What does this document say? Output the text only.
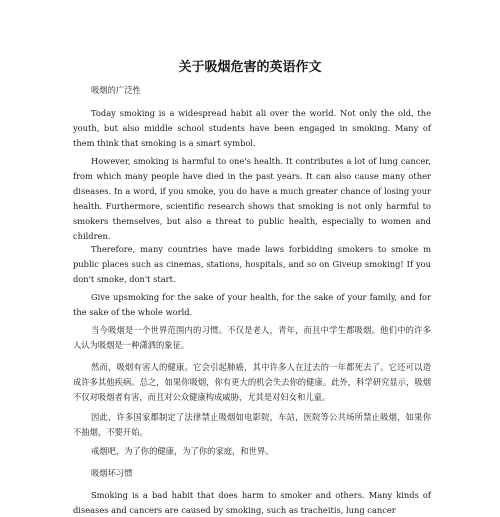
关于吸烟危害的英语作文

吸烟的广泛性

Today smoking is a widespread habit ali over the world. Not only the old, the youth, but also middle school students have been engaged in smoking. Many of them think that smoking is a smart symbol.

However, smoking is harmful to one's health. It contributes a lot of lung cancer, from which many people have died in the past years. It can also cause many other diseases. In a word, if you smoke, you do have a much greater chance of losing your health. Furthermore, scientific research shows that smoking is not only harmful to smokers themselves, but also a threat to public health, especially to women and children.

Therefore, many countries have made laws forbidding smokers to smoke m public places such as cinemas, stations, hospitals, and so on Giveup smoking! If you don't smoke, don't start.

Give upsmoking for the sake of your health, for the sake of your family, and for the sake of the whole world.

当今吸烟是一个世界范围内的习惯。不仅是老人，青年，而且中学生都吸烟。他们中的许多人认为吸烟是一种潇洒的象征。

然而，吸烟有害人的健康。它会引起肺癌，其中许多人在过去的一年都死去了。它还可以造成许多其他疾病。总之，如果你吸烟，你有更大的机会失去你的健康。此外，科学研究显示，吸烟不仅对吸烟者有害，而且对公众健康构成威胁，尤其是对妇女和儿童。

因此，许多国家都制定了法律禁止吸烟如电影院，车站，医院等公共场所禁止吸烟，如果你不抽烟，不要开始。

戒烟吧，为了你的健康，为了你的家庭，和世界。

吸烟坏习惯

Smoking is a bad habit that does harm to smoker and others. Many kinds of diseases and cancers are caused by smoking, such as tracheitis, lung cancer
